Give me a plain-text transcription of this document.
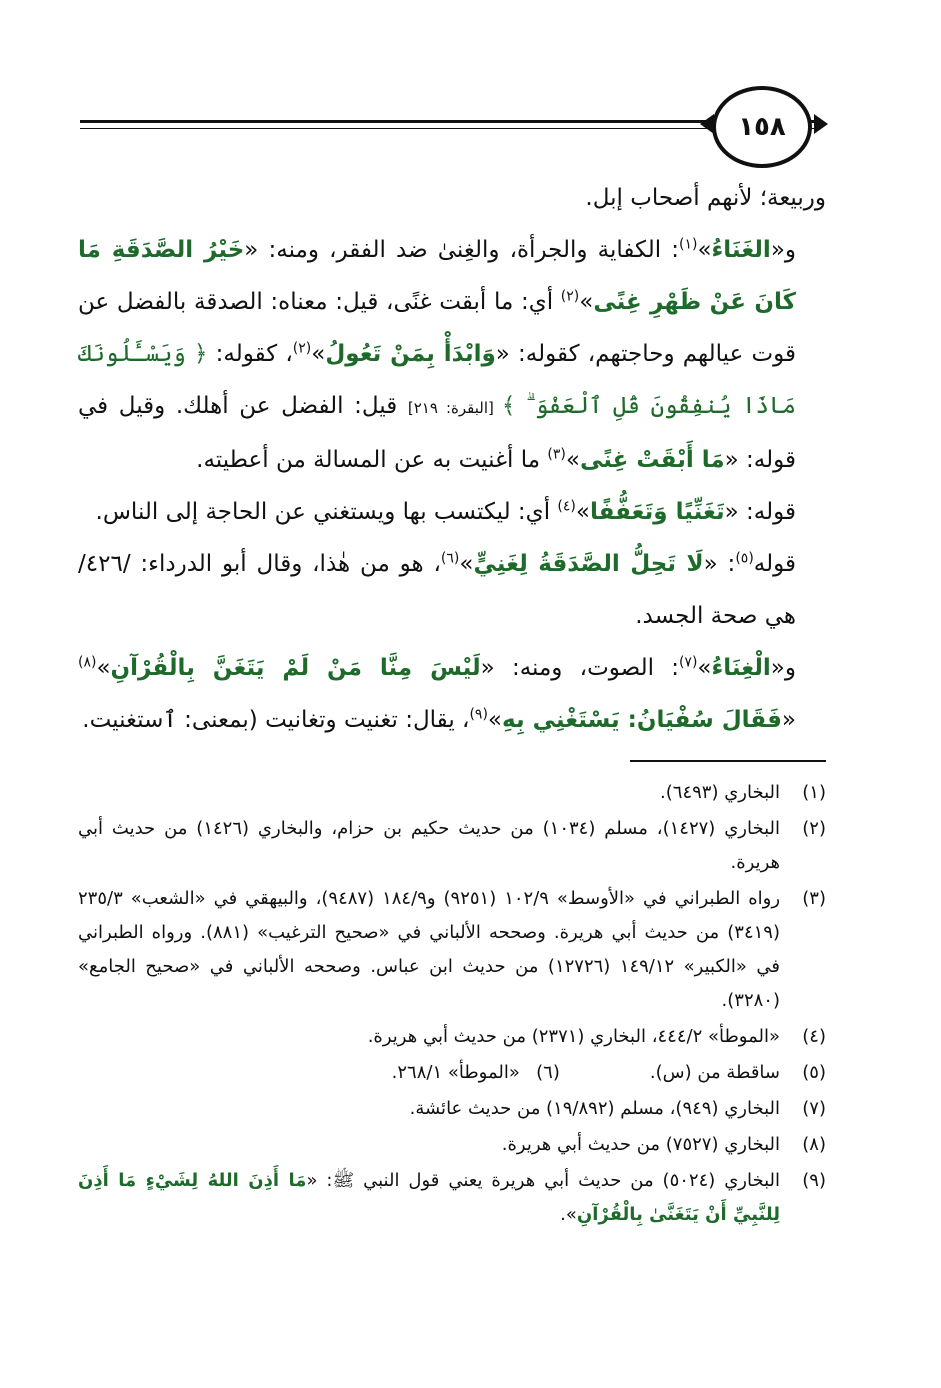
١٥٨

وربيعة؛ لأنهم أصحاب إبل.

و«الغَنَاءُ»$^{(١)}$: الكفاية والجرأة، والغِنىٰ ضد الفقر، ومنه: «خَيْرُ الصَّدَقَةِ مَا كَانَ عَنْ ظَهْرِ غِنًى»$^{(٢)}$ أي: ما أبقت غنًى، قيل: معناه: الصدقة بالفضل عن قوت عيالهم وحاجتهم، كقوله: «وَابْدَأْ بِمَنْ تَعُولُ»$^{(٢)}$، كقوله: ﴿ وَيَسْـَٔلُونَكَ مَاذَا يُنفِقُونَ قُلِ ٱلْعَفْوَ ۗ ﴾ [البقرة: ٢١٩] قيل: الفضل عن أهلك. وقيل في قوله: «مَا أَبْقَتْ غِنًى»$^{(٣)}$ ما أغنيت به عن المسالة من أعطيته.

قوله: «تَغَنِّيًا وَتَعَفُّفًا»$^{(٤)}$ أي: ليكتسب بها ويستغني عن الحاجة إلى الناس.

قوله$^{(٥)}$: «لَا تَحِلُّ الصَّدَقَةُ لِغَنِيٍّ»$^{(٦)}$، هو من هٰذا، وقال أبو الدرداء: /٤٢٦/ هي صحة الجسد.

و«الْغِنَاءُ»$^{(٧)}$: الصوت، ومنه: «لَيْسَ مِنَّا مَنْ لَمْ يَتَغَنَّ بِالْقُرْآنِ»$^{(٨)}$ «فَقَالَ سُفْيَانُ: يَسْتَغْنِي بِهِ»$^{(٩)}$، يقال: تغنيت وتغانيت (بمعنى: ٱستغنيت.

(١)
البخاري (٦٤٩٣).
(٢)
البخاري (١٤٢٧)، مسلم (١٠٣٤) من حديث حكيم بن حزام، والبخاري (١٤٢٦) من حديث أبي هريرة.
(٣)
رواه الطبراني في «الأوسط» ١٠٢/٩ (٩٢٥١) و١٨٤/٩ (٩٤٨٧)، والبيهقي في «الشعب» ٢٣٥/٣ (٣٤١٩) من حديث أبي هريرة. وصححه الألباني في «صحيح الترغيب» (٨٨١). ورواه الطبراني في «الكبير» ١٤٩/١٢ (١٢٧٢٦) من حديث ابن عباس. وصححه الألباني في «صحيح الجامع» (٣٢٨٠).
(٤)
«الموطأ» ٤٤٤/٢، البخاري (٢٣٧١) من حديث أبي هريرة.
(٥)
ساقطة من (س).
(٦)
«الموطأ» ٢٦٨/١.
(٧)
البخاري (٩٤٩)، مسلم (١٩/٨٩٢) من حديث عائشة.
(٨)
البخاري (٧٥٢٧) من حديث أبي هريرة.
(٩)
البخاري (٥٠٢٤) من حديث أبي هريرة يعني قول النبي ﷺ: «مَا أَذِنَ اللهُ لِشَيْءٍ مَا أَذِنَ لِلنَّبِيِّ أَنْ يَتَغَنَّىٰ بِالْقُرْآنِ».
